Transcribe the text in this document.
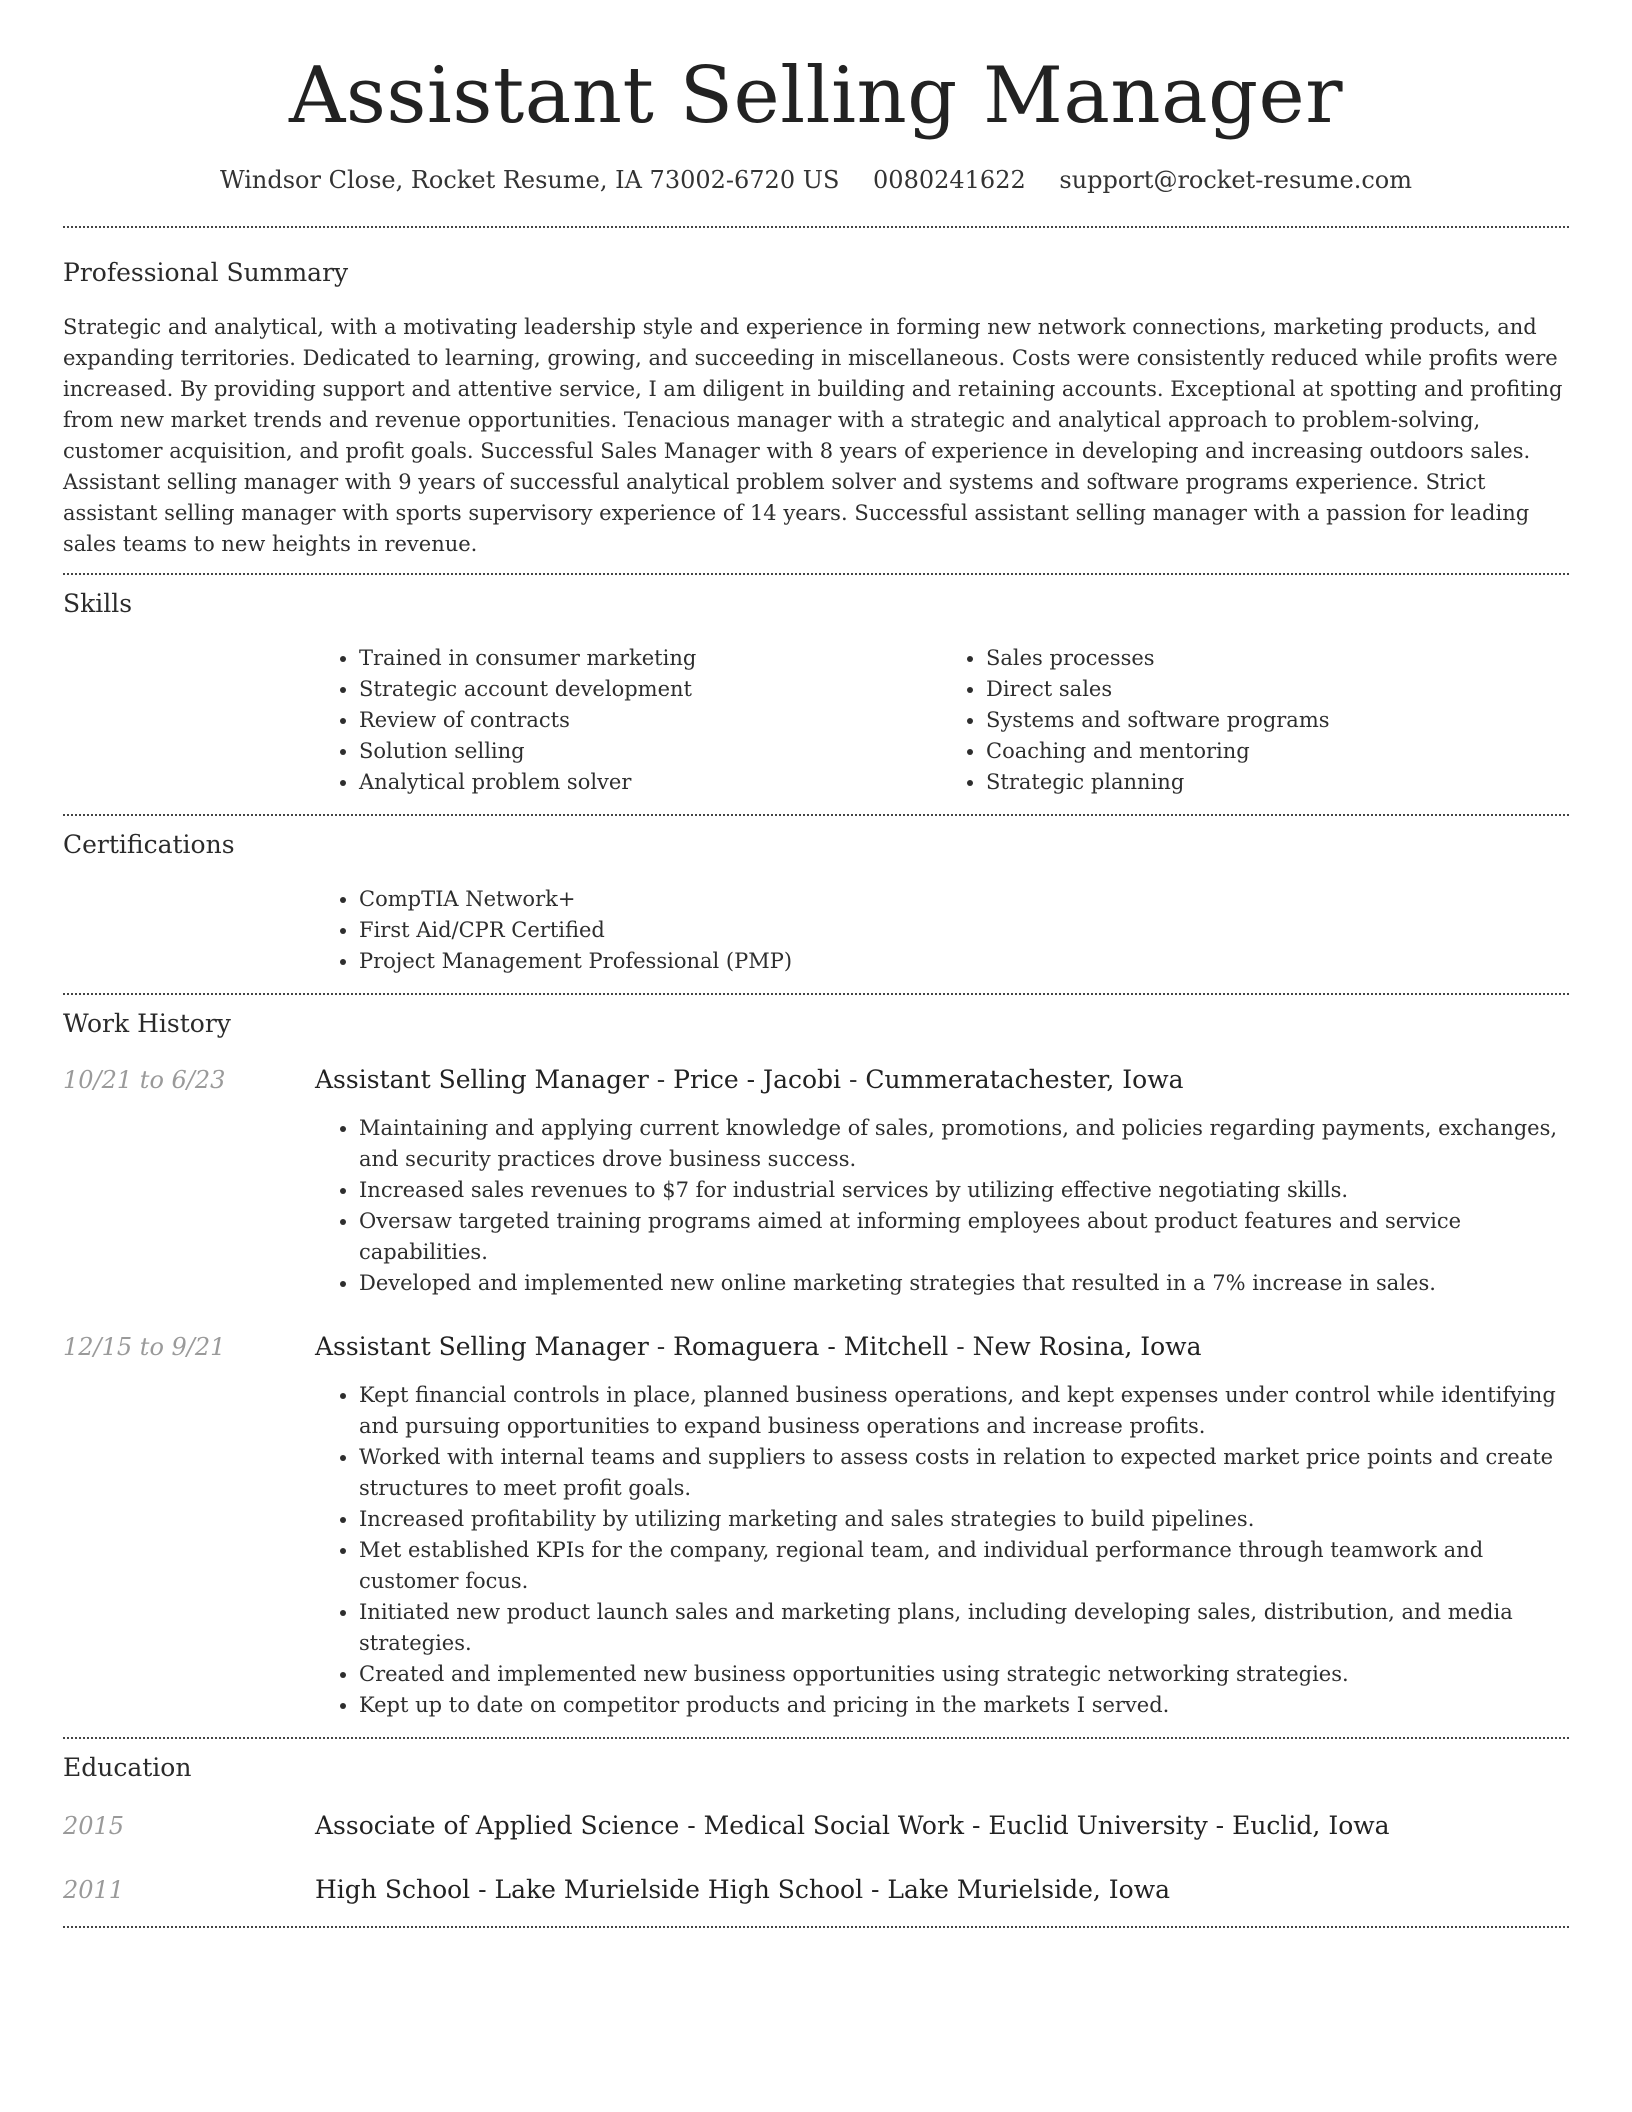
Assistant Selling Manager
Windsor Close, Rocket Resume, IA 73002-6720 US 0080241622 support@rocket-resume.com
Professional Summary

Strategic and analytical, with a motivating leadership style and experience in forming new network connections, marketing products, and expanding territories. Dedicated to learning, growing, and succeeding in miscellaneous. Costs were consistently reduced while profits were increased. By providing support and attentive service, I am diligent in building and retaining accounts. Exceptional at spotting and profiting from new market trends and revenue opportunities. Tenacious manager with a strategic and analytical approach to problem-solving, customer acquisition, and profit goals. Successful Sales Manager with 8 years of experience in developing and increasing outdoors sales. Assistant selling manager with 9 years of successful analytical problem solver and systems and software programs experience. Strict assistant selling manager with sports supervisory experience of 14 years. Successful assistant selling manager with a passion for leading sales teams to new heights in revenue.

Skills
• Trained in consumer marketing
• Strategic account development
• Review of contracts
• Solution selling
• Analytical problem solver
• Sales processes
• Direct sales
• Systems and software programs
• Coaching and mentoring
• Strategic planning
Certifications
• CompTIA Network+
• First Aid/CPR Certified
• Project Management Professional (PMP)
Work History
10/21 to 6/23	Assistant Selling Manager - Price - Jacobi - Cummeratachester, Iowa
• Maintaining and applying current knowledge of sales, promotions, and policies regarding payments, exchanges, and security practices drove business success.
• Increased sales revenues to $7 for industrial services by utilizing effective negotiating skills.
• Oversaw targeted training programs aimed at informing employees about product features and service capabilities.
• Developed and implemented new online marketing strategies that resulted in a 7% increase in sales.
12/15 to 9/21	Assistant Selling Manager - Romaguera - Mitchell - New Rosina, Iowa
• Kept financial controls in place, planned business operations, and kept expenses under control while identifying and pursuing opportunities to expand business operations and increase profits.
• Worked with internal teams and suppliers to assess costs in relation to expected market price points and create structures to meet profit goals.
• Increased profitability by utilizing marketing and sales strategies to build pipelines.
• Met established KPIs for the company, regional team, and individual performance through teamwork and customer focus.
• Initiated new product launch sales and marketing plans, including developing sales, distribution, and media strategies.
• Created and implemented new business opportunities using strategic networking strategies.
• Kept up to date on competitor products and pricing in the markets I served.
Education
2015	Associate of Applied Science - Medical Social Work - Euclid University - Euclid, Iowa
2011	High School - Lake Murielside High School - Lake Murielside, Iowa
